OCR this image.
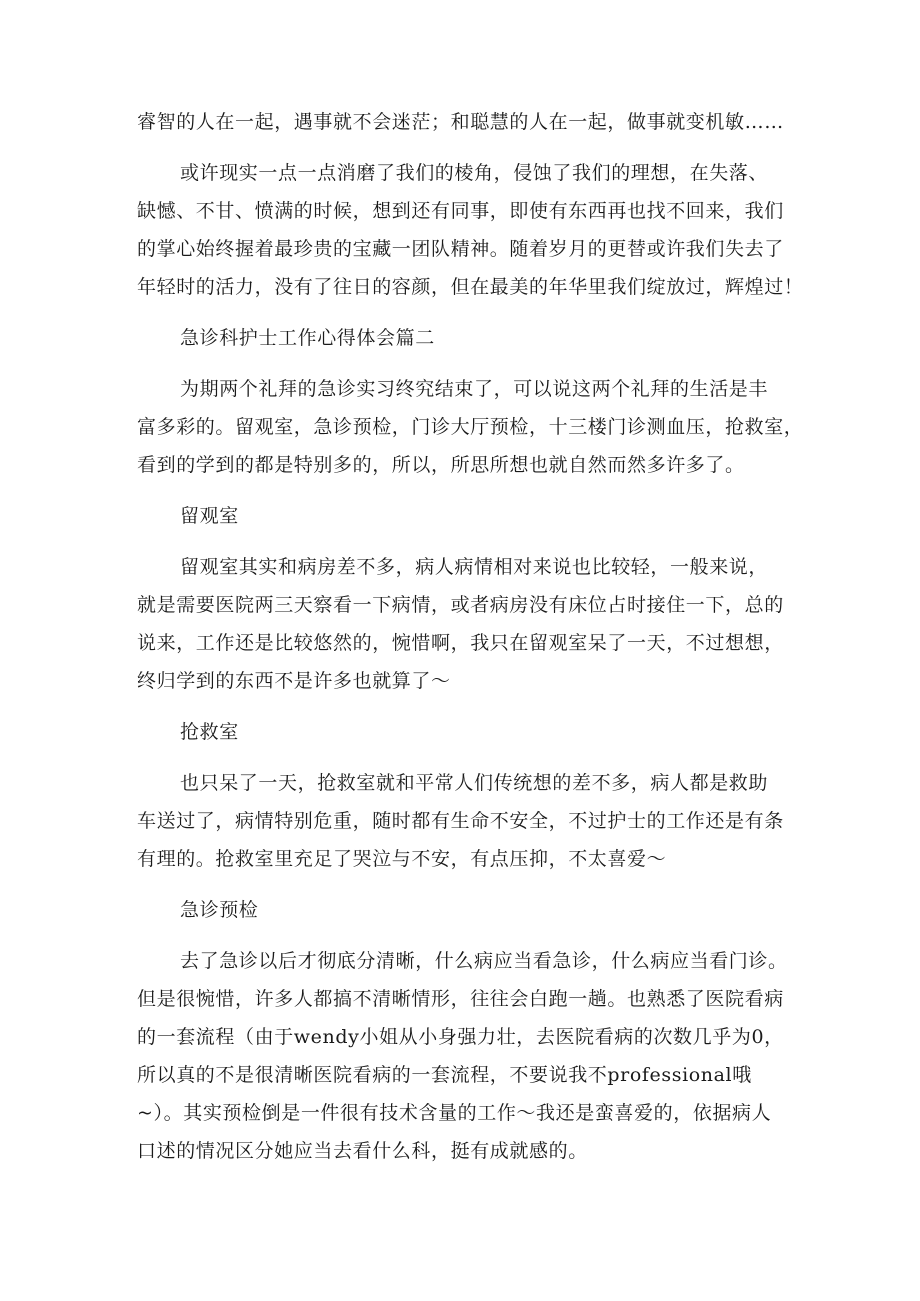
睿智的人在一起，遇事就不会迷茫；和聪慧的人在一起，做事就变机敏……
或许现实一点一点消磨了我们的棱角，侵蚀了我们的理想，在失落、
缺憾、不甘、愤满的时候，想到还有同事，即使有东西再也找不回来，我们
的掌心始终握着最珍贵的宝藏一团队精神。随着岁月的更替或许我们失去了
年轻时的活力，没有了往日的容颜，但在最美的年华里我们绽放过，辉煌过！
急诊科护士工作心得体会篇二
为期两个礼拜的急诊实习终究结束了，可以说这两个礼拜的生活是丰
富多彩的。留观室，急诊预检，门诊大厅预检，十三楼门诊测血压，抢救室，
看到的学到的都是特别多的，所以，所思所想也就自然而然多许多了。
留观室
留观室其实和病房差不多，病人病情相对来说也比较轻，一般来说，
就是需要医院两三天察看一下病情，或者病房没有床位占时接住一下，总的
说来，工作还是比较悠然的，惋惜啊，我只在留观室呆了一天，不过想想，
终归学到的东西不是许多也就算了～
抢救室
也只呆了一天，抢救室就和平常人们传统想的差不多，病人都是救助
车送过了，病情特别危重，随时都有生命不安全，不过护士的工作还是有条
有理的。抢救室里充足了哭泣与不安，有点压抑，不太喜爱～
急诊预检
去了急诊以后才彻底分清晰，什么病应当看急诊，什么病应当看门诊。
但是很惋惜，许多人都搞不清晰情形，往往会白跑一趟。也熟悉了医院看病
的一套流程（由于wendy小姐从小身强力壮，去医院看病的次数几乎为0，
所以真的不是很清晰医院看病的一套流程，不要说我不professional哦
~）。其实预检倒是一件很有技术含量的工作～我还是蛮喜爱的，依据病人
口述的情况区分她应当去看什么科，挺有成就感的。
